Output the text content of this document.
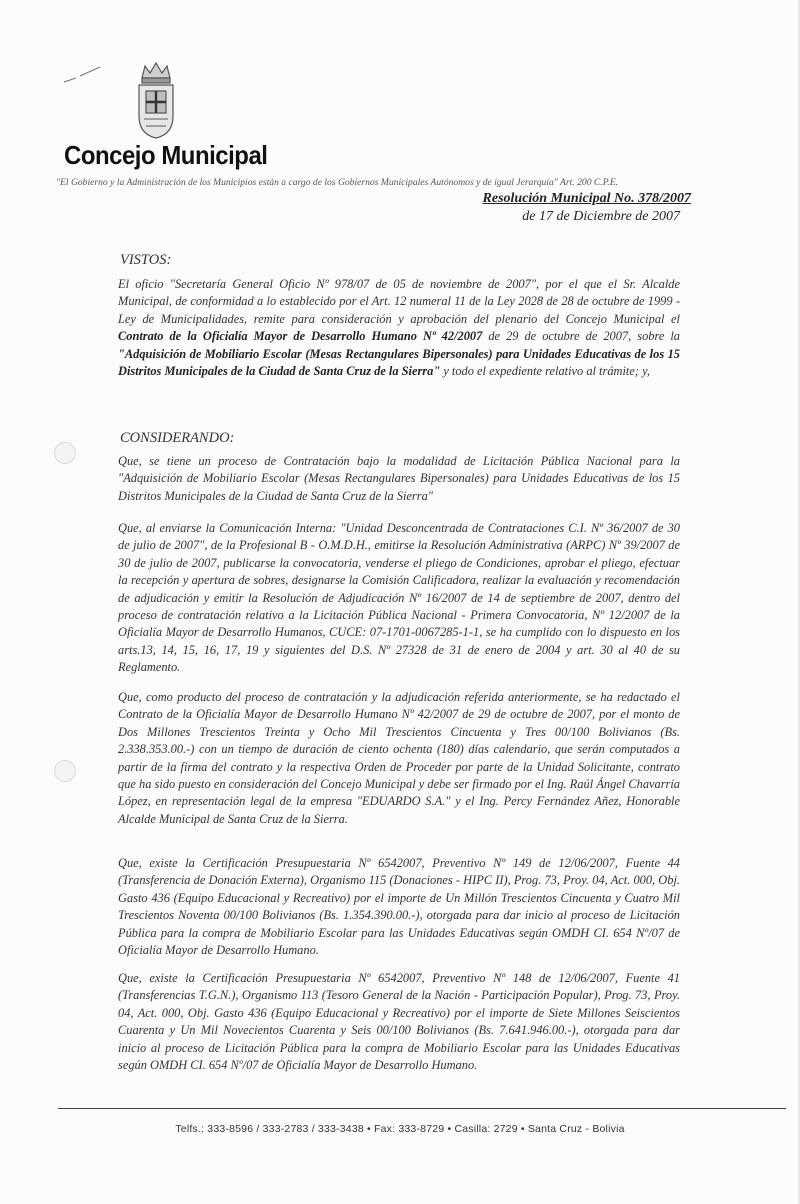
Concejo Municipal
"El Gobierno y la Administración de los Municipios están a cargo de los Gobiernos Municipales Autónomos y de igual Jerarquía" Art. 200 C.P.E.
Resolución Municipal No. 378/2007
de 17 de Diciembre de 2007
VISTOS:
El oficio "Secretaría General Oficio Nº 978/07 de 05 de noviembre de 2007", por el que el Sr. Alcalde Municipal, de conformidad a lo establecido por el Art. 12 numeral 11 de la Ley 2028 de 28 de octubre de 1999 - Ley de Municipalidades, remite para consideración y aprobación del plenario del Concejo Municipal el Contrato de la Oficialía Mayor de Desarrollo Humano Nº 42/2007 de 29 de octubre de 2007, sobre la "Adquisición de Mobiliario Escolar (Mesas Rectangulares Bipersonales) para Unidades Educativas de los 15 Distritos Municipales de la Ciudad de Santa Cruz de la Sierra" y todo el expediente relativo al trámite; y,
CONSIDERANDO:
Que, se tiene un proceso de Contratación bajo la modalidad de Licitación Pública Nacional para la "Adquisición de Mobiliario Escolar (Mesas Rectangulares Bipersonales) para Unidades Educativas de los 15 Distritos Municipales de la Ciudad de Santa Cruz de la Sierra"
Que, al enviarse la Comunicación Interna: "Unidad Desconcentrada de Contrataciones C.I. Nº 36/2007 de 30 de julio de 2007", de la Profesional B - O.M.D.H., emitirse la Resolución Administrativa (ARPC) Nº 39/2007 de 30 de julio de 2007, publicarse la convocatoria, venderse el pliego de Condiciones, aprobar el pliego, efectuar la recepción y apertura de sobres, designarse la Comisión Calificadora, realizar la evaluación y recomendación de adjudicación y emitir la Resolución de Adjudicación Nº 16/2007 de 14 de septiembre de 2007, dentro del proceso de contratación relativo a la Licitación Pública Nacional - Primera Convocatoria, Nº 12/2007 de la Oficialía Mayor de Desarrollo Humanos, CUCE: 07-1701-0067285-1-1, se ha cumplido con lo dispuesto en los arts.13, 14, 15, 16, 17, 19 y siguientes del D.S. Nº 27328 de 31 de enero de 2004 y art. 30 al 40 de su Reglamento.
Que, como producto del proceso de contratación y la adjudicación referida anteriormente, se ha redactado el Contrato de la Oficialía Mayor de Desarrollo Humano Nº 42/2007 de 29 de octubre de 2007, por el monto de Dos Millones Trescientos Treinta y Ocho Mil Trescientos Cincuenta y Tres 00/100 Bolivianos (Bs. 2.338.353.00.-) con un tiempo de duración de ciento ochenta (180) días calendario, que serán computados a partir de la firma del contrato y la respectiva Orden de Proceder por parte de la Unidad Solicitante, contrato que ha sido puesto en consideración del Concejo Municipal y debe ser firmado por el Ing. Raúl Ángel Chavarría López, en representación legal de la empresa "EDUARDO S.A." y el Ing. Percy Fernández Añez, Honorable Alcalde Municipal de Santa Cruz de la Sierra.
Que, existe la Certificación Presupuestaria Nº 6542007, Preventivo Nº 149 de 12/06/2007, Fuente 44 (Transferencia de Donación Externa), Organismo 115 (Donaciones - HIPC II), Prog. 73, Proy. 04, Act. 000, Obj. Gasto 436 (Equipo Educacional y Recreativo) por el importe de Un Millón Trescientos Cincuenta y Cuatro Mil Trescientos Noventa 00/100 Bolivianos (Bs. 1.354.390.00.-), otorgada para dar inicio al proceso de Licitación Pública para la compra de Mobiliario Escolar para las Unidades Educativas según OMDH CI. 654 Nº/07 de Oficialía Mayor de Desarrollo Humano.
Que, existe la Certificación Presupuestaria Nº 6542007, Preventivo Nº 148 de 12/06/2007, Fuente 41 (Transferencias T.G.N.), Organismo 113 (Tesoro General de la Nación - Participación Popular), Prog. 73, Proy. 04, Act. 000, Obj. Gasto 436 (Equipo Educacional y Recreativo) por el importe de Siete Millones Seiscientos Cuarenta y Un Mil Novecientos Cuarenta y Seis 00/100 Bolivianos (Bs. 7.641.946.00.-), otorgada para dar inicio al proceso de Licitación Pública para la compra de Mobiliario Escolar para las Unidades Educativas según OMDH CI. 654 Nº/07 de Oficialía Mayor de Desarrollo Humano.
Telfs.: 333-8596 / 333-2783 / 333-3438 • Fax: 333-8729 • Casilla: 2729 • Santa Cruz - Bolivia
